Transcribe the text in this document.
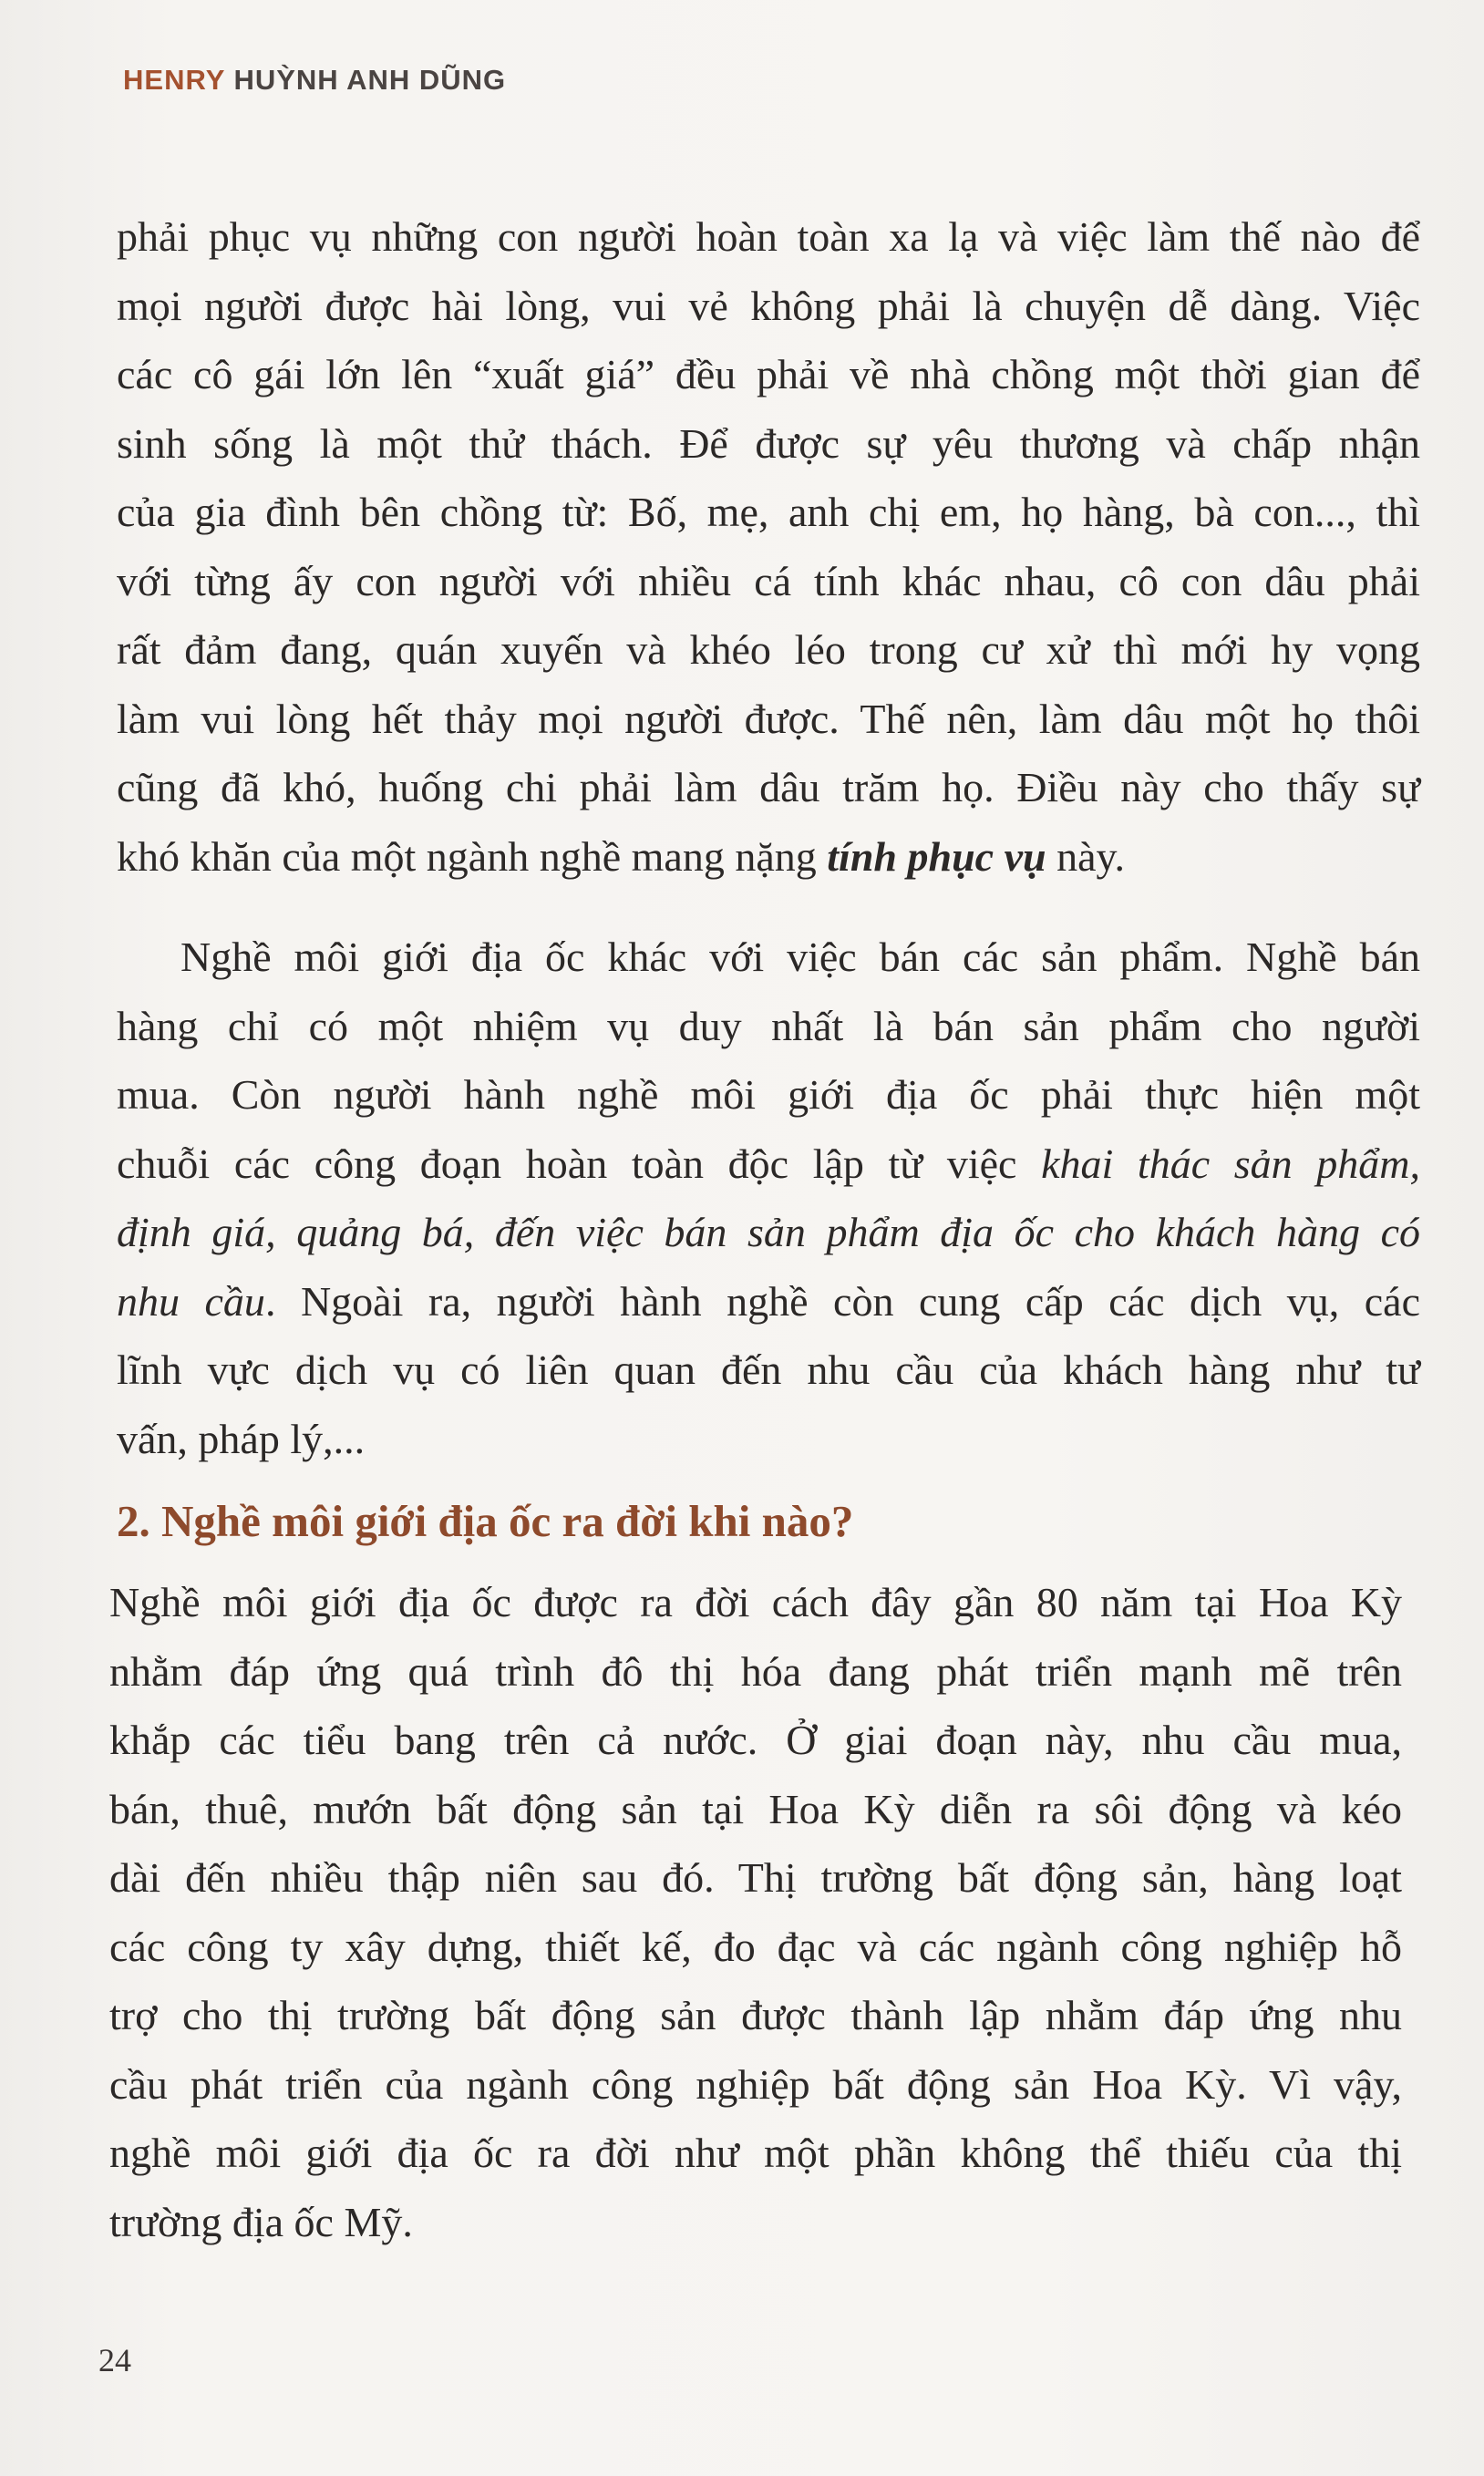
HENRY HUỲNH ANH DŨNG
phải phục vụ những con người hoàn toàn xa lạ và việc làm thế nào để
mọi người được hài lòng, vui vẻ không phải là chuyện dễ dàng. Việc
các cô gái lớn lên “xuất giá” đều phải về nhà chồng một thời gian để
sinh sống là một thử thách. Để được sự yêu thương và chấp nhận
của gia đình bên chồng từ: Bố, mẹ, anh chị em, họ hàng, bà con..., thì
với từng ấy con người với nhiều cá tính khác nhau, cô con dâu phải
rất đảm đang, quán xuyến và khéo léo trong cư xử thì mới hy vọng
làm vui lòng hết thảy mọi người được. Thế nên, làm dâu một họ thôi
cũng đã khó, huống chi phải làm dâu trăm họ. Điều này cho thấy sự
khó khăn của một ngành nghề mang nặng tính phục vụ này.
Nghề môi giới địa ốc khác với việc bán các sản phẩm. Nghề bán
hàng chỉ có một nhiệm vụ duy nhất là bán sản phẩm cho người
mua. Còn người hành nghề môi giới địa ốc phải thực hiện một
chuỗi các công đoạn hoàn toàn độc lập từ việc khai thác sản phẩm,
định giá, quảng bá, đến việc bán sản phẩm địa ốc cho khách hàng có
nhu cầu. Ngoài ra, người hành nghề còn cung cấp các dịch vụ, các
lĩnh vực dịch vụ có liên quan đến nhu cầu của khách hàng như tư
vấn, pháp lý,...
2. Nghề môi giới địa ốc ra đời khi nào?
Nghề môi giới địa ốc được ra đời cách đây gần 80 năm tại Hoa Kỳ
nhằm đáp ứng quá trình đô thị hóa đang phát triển mạnh mẽ trên
khắp các tiểu bang trên cả nước. Ở giai đoạn này, nhu cầu mua,
bán, thuê, mướn bất động sản tại Hoa Kỳ diễn ra sôi động và kéo
dài đến nhiều thập niên sau đó. Thị trường bất động sản, hàng loạt
các công ty xây dựng, thiết kế, đo đạc và các ngành công nghiệp hỗ
trợ cho thị trường bất động sản được thành lập nhằm đáp ứng nhu
cầu phát triển của ngành công nghiệp bất động sản Hoa Kỳ. Vì vậy,
nghề môi giới địa ốc ra đời như một phần không thể thiếu của thị
trường địa ốc Mỹ.
24
